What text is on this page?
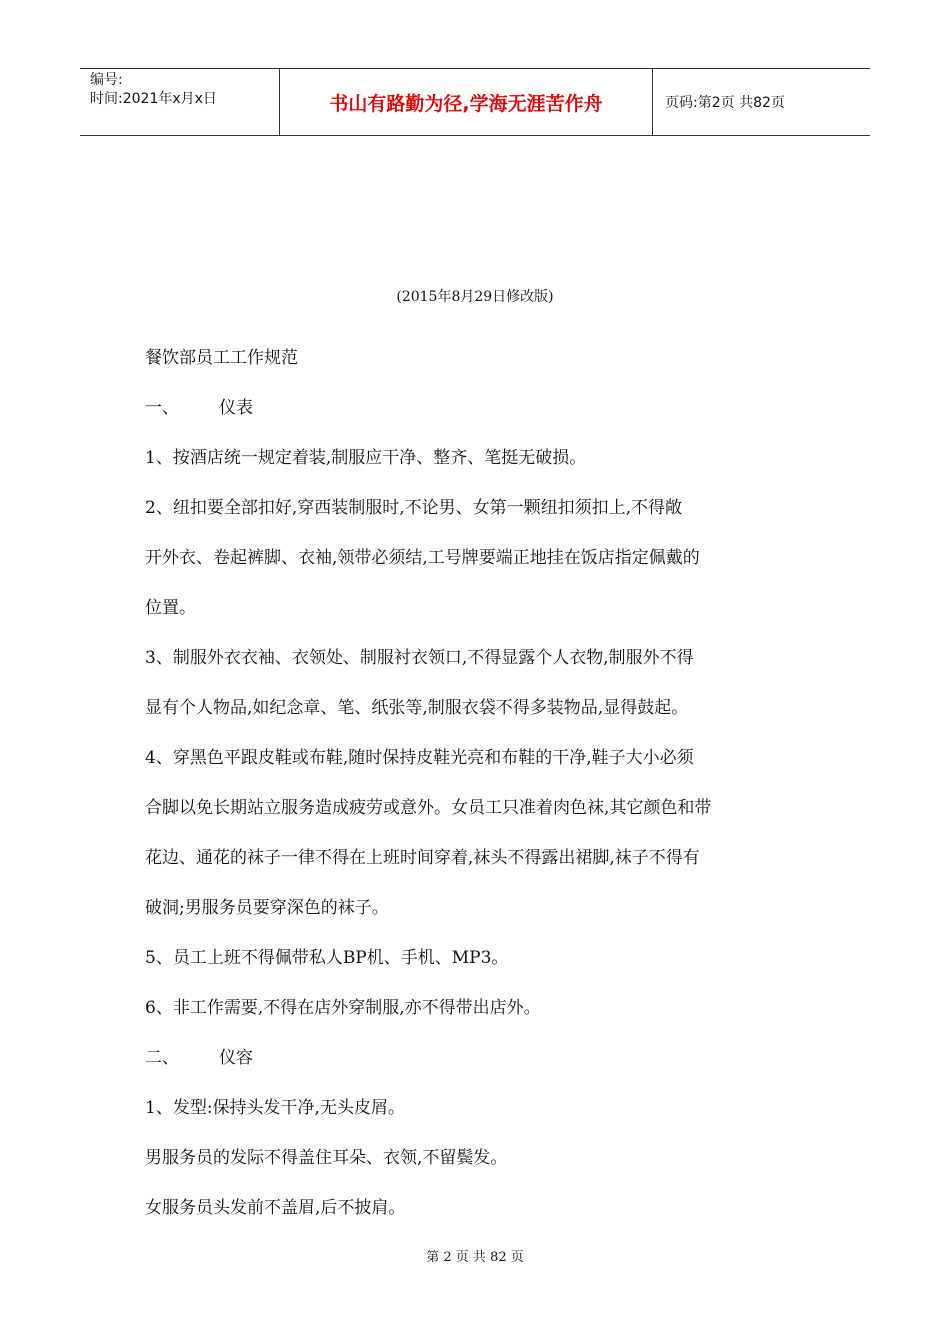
编号:
时间:2021年x月x日	书山有路勤为径,学海无涯苦作舟	页码:第2页 共82页
(2015年8月29日修改版)

餐饮部员工工作规范

一、 仪表

1、按酒店统一规定着装,制服应干净、整齐、笔挺无破损。

2、纽扣要全部扣好,穿西装制服时,不论男、女第一颗纽扣须扣上,不得敞

开外衣、卷起裤脚、衣袖,领带必须结,工号牌要端正地挂在饭店指定佩戴的

位置。

3、制服外衣衣袖、衣领处、制服衬衣领口,不得显露个人衣物,制服外不得

显有个人物品,如纪念章、笔、纸张等,制服衣袋不得多装物品,显得鼓起。

4、穿黑色平跟皮鞋或布鞋,随时保持皮鞋光亮和布鞋的干净,鞋子大小必须

合脚以免长期站立服务造成疲劳或意外。女员工只准着肉色袜,其它颜色和带

花边、通花的袜子一律不得在上班时间穿着,袜头不得露出裙脚,袜子不得有

破洞;男服务员要穿深色的袜子。

5、员工上班不得佩带私人BP机、手机、MP3。

6、非工作需要,不得在店外穿制服,亦不得带出店外。

二、 仪容

1、发型:保持头发干净,无头皮屑。

男服务员的发际不得盖住耳朵、衣领,不留鬓发。

女服务员头发前不盖眉,后不披肩。

第 2 页 共 82 页
